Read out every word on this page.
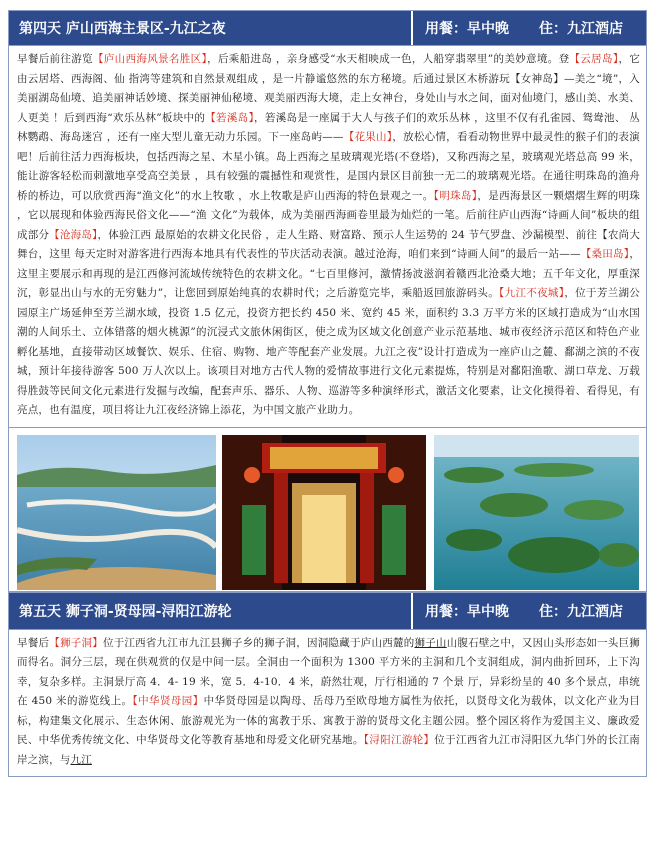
第四天 庐山西海主景区-九江之夜	用餐：早中晚 住：九江酒店
早餐后前往游览【庐山西海风景名胜区】，后乘船进岛 ，亲身感受“水天相映成一色，人船穿翡翠里”的美妙意境。登【云居岛】，它由云居塔、西海阁、仙 指湾等建筑和自然景观组成 ，是一片静谧悠然的东方秘境。后通过景区木桥游玩【女神岛】—美之“境”，入美丽湖岛仙境、追美丽神话妙境、探美丽神仙秘境、观美丽西海大境，走上女神台，身处山与水之间，面对仙境门，感山美、水美、人更美 ！后到西海“欢乐丛林”板块中的【箬溪岛】，箬溪岛是一座属于大人与孩子们的欢乐丛林 ，这里不仅有孔雀园、鸳鸯池、 丛林鹦鹉、海岛迷宫 ，还有一座大型儿童无动力乐园。下一座岛屿——【花果山】，放松心情，看看动物世界中最灵性的猴子们的表演吧！后前往活力西海板块，包括西海之星、木星小镇。岛上西海之星玻璃观光塔(不登塔)，又称西海之星，玻璃观光塔总高 99 米，能让游客轻松而刺激地享受高空美景 ，具有较强的震撼性和观赏性，是国内景区目前独一无二的玻璃观光塔。在通往明珠岛的渔舟桥的桥边，可以欣赏西海“渔文化”的水上牧歌 ，水上牧歌是庐山西海的特色景观之一。【明珠岛】，是西海景区一颗熠熠生辉的明珠 ，它以展现和体验西海民俗文化——“渔 文化”为载体，成为美丽西海画卷里最为灿烂的一笔。后前往庐山西海“诗画人间”板块的组成部分【沧海岛】，体验江西 最原始的农耕文化民俗 ，走人生路、财富路、预示人生运势的 24 节气罗盘、沙漏模型、前往【农尚大舞台，这里 每天定时对游客进行西海本地具有代表性的节庆活动表演。越过沧海，咱们来到“诗画人间”的最后一站——【桑田岛】，这里主要展示和再现的是江西修河流域传统特色的农耕文化。“七百里修河，激情扬波滋润着赣西北沧桑大地；五千年文化，厚重深沉，彰显出山与水的无穷魅力”，让您回到原始纯真的农耕时代；之后游览完毕，乘船返回旅游码头。【九江不夜城】，位于芳兰湖公园原主广场延伸至芳兰湖水域，投资 1.5 亿元，投资方把长约 450 米、宽约 45 米，面积约 3.3 万平方米的区域打造成为“山水国潮的人间乐土、立体错落的烟火桃源”的沉浸式文旅休闲街区，使之成为区域文化创意产业示范基地、城市夜经济示范区和特色产业孵化基地，直接带动区域餐饮、娱乐、住宿、购物、地产等配套产业发展。九江之夜”设计打造成为一座庐山之麓、鄱湖之滨的不夜城，预计年接待游客 500 万人次以上。该项目对地方古代人物的爱情故事进行文化元素提炼，特别是对鄱阳渔歌、湖口草龙、万载得胜鼓等民间文化元素进行发掘与改编，配套声乐、器乐、人物、巡游等多种演绎形式，激活文化要素，让文化摸得着、看得见，有亮点，也有温度，项目将让九江夜经济锦上添花，为中国文旅产业助力。
第五天 狮子洞-贤母园-浔阳江游轮	用餐：早中晚 住：九江酒店
早餐后【狮子洞】位于江西省九江市九江县狮子乡的狮子洞，因洞隐藏于庐山西麓的狮子山山腹石壁之中，又因山头形态如一头巨狮而得名。洞分三层，现在供观赏的仅是中间一层。全洞由一个面积为 1300 平方米的主洞和几个支洞组成，洞内曲折回环，上下沟幸，复杂多样。主洞景厅高 4．4- 19 米，宽 5．4-10．4 米，蔚然壮观，厅行相通的 7 个景 厅，异彩纷呈的 40 多个景点，串统在 450 米的游览线上。【中华贤母园】中华贤母园是以陶母、岳母乃至欧母地方属性为依托，以贤母文化为载体，以文化产业为目标，构建集文化展示、生态休闲、旅游观光为一体的寓教于乐、寓教于游的贤母文化主题公园。整个园区将作为爱国主义、廉政爱民、中华优秀传统文化、中华贤母文化等教育基地和母爱文化研究基地。【浔阳江游轮】位于江西省九江市浔阳区九华门外的长江南岸之滨，与九江
